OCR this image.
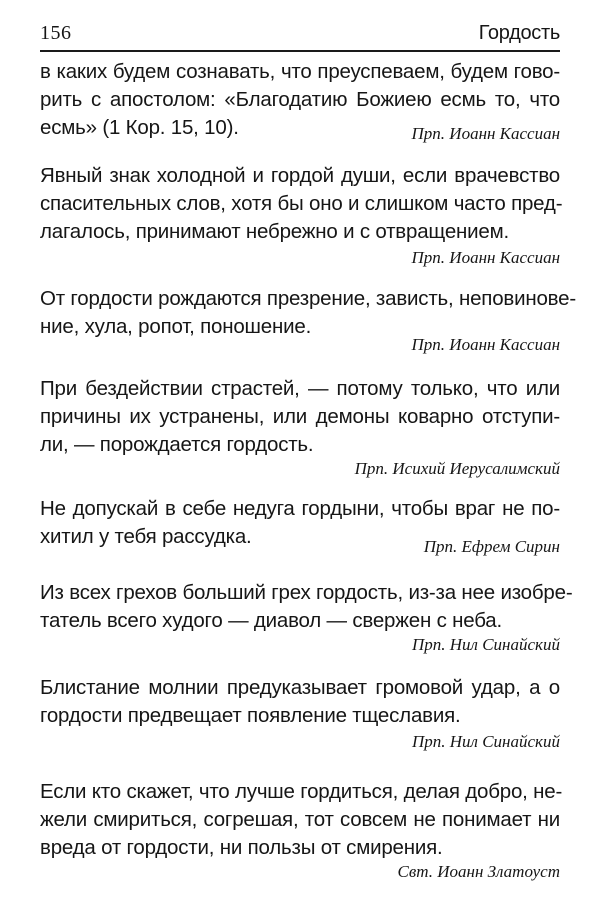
156	Гордость
в каких будем сознавать, что преуспеваем, будем гово-
рить с апостолом: «Благодатию Божиею есмь то, что
есмь» (1 Кор. 15, 10).	Прп. Иоанн Кассиан
Явный знак холодной и гордой души, если врачевство
спасительных слов, хотя бы оно и слишком часто пред-
лагалось, принимают небрежно и с отвращением.
Прп. Иоанн Кассиан
От гордости рождаются презрение, зависть, неповинове-
ние, хула, ропот, поношение.
Прп. Иоанн Кассиан
При бездействии страстей, — потому только, что или
причины их устранены, или демоны коварно отступи-
ли, — порождается гордость.
Прп. Исихий Иерусалимский
Не допускай в себе недуга гордыни, чтобы враг не по-
хитил у тебя рассудка.	Прп. Ефрем Сирин
Из всех грехов больший грех гордость, из-за нее изобре-
татель всего худого — диавол — свержен с неба.
Прп. Нил Синайский
Блистание молнии предуказывает громовой удар, а о
гордости предвещает появление тщеславия.
Прп. Нил Синайский
Если кто скажет, что лучше гордиться, делая добро, не-
жели смириться, согрешая, тот совсем не понимает ни
вреда от гордости, ни пользы от смирения.
Свт. Иоанн Златоуст
